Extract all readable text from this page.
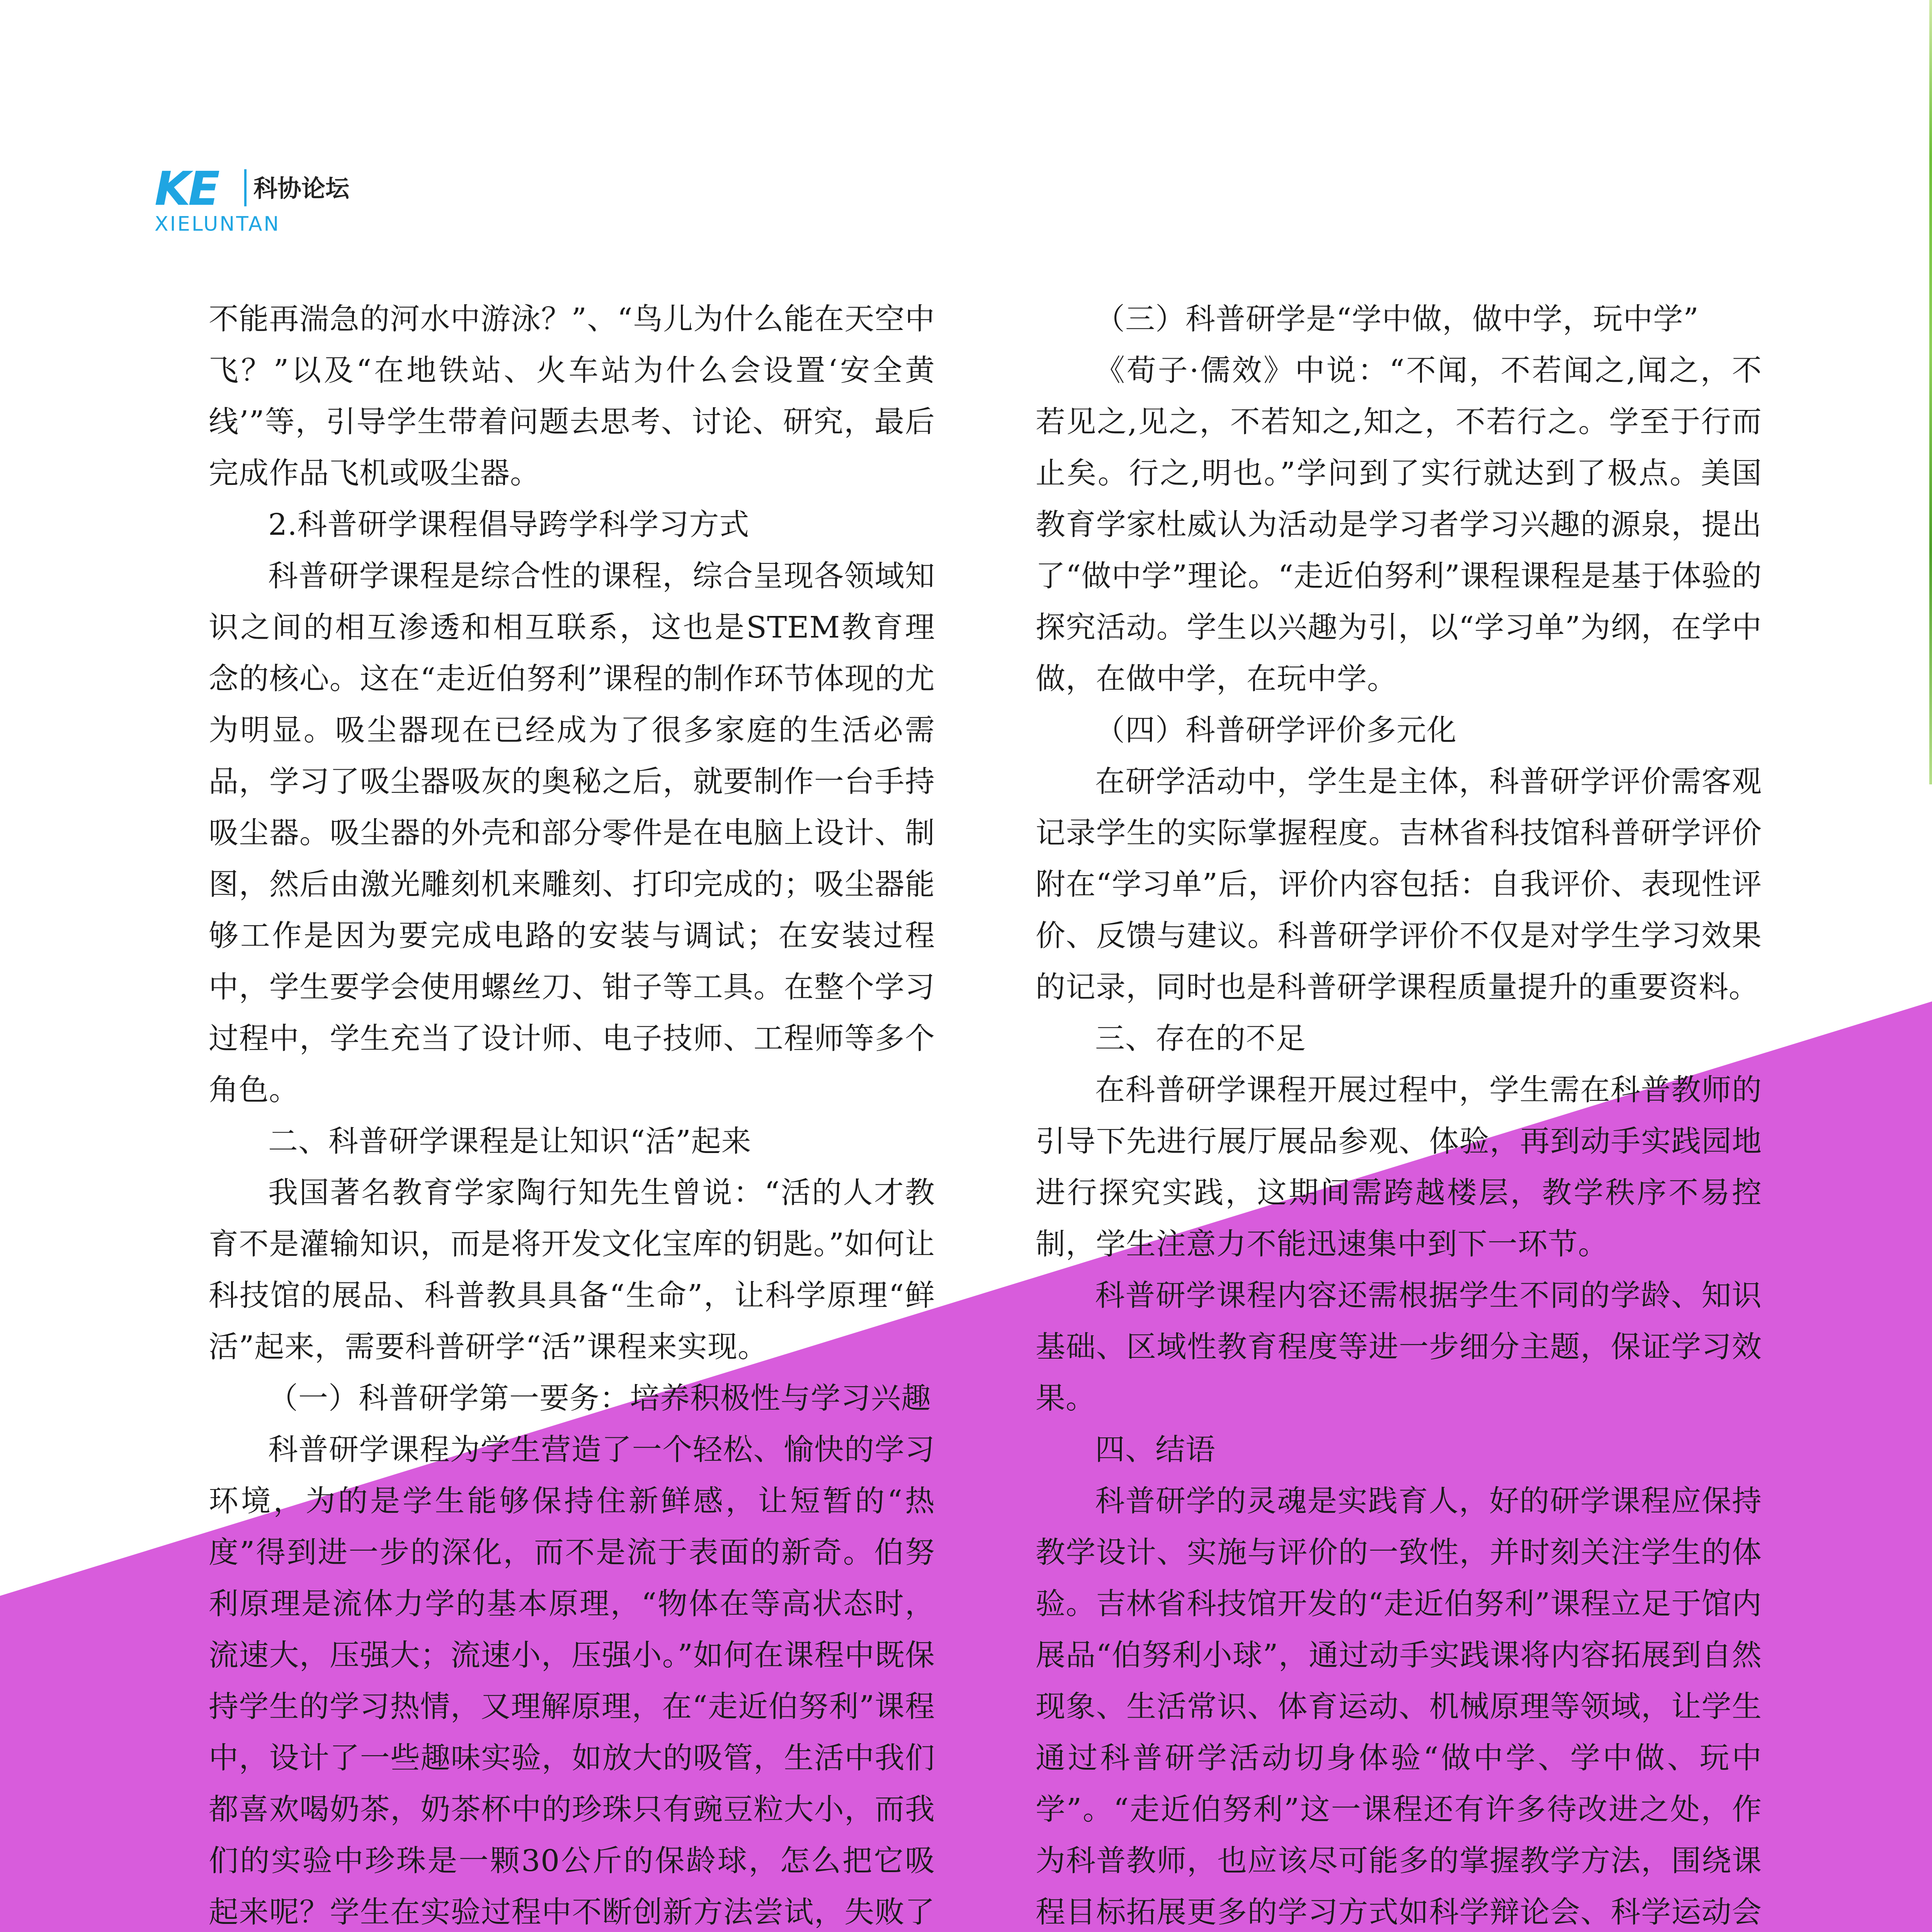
KE 科协论坛
XIELUNTAN

不能再湍急的河水中游泳？”、“鸟儿为什么能在天空中飞？”以及“在地铁站、火车站为什么会设置‘安全黄线’”等，引导学生带着问题去思考、讨论、研究，最后完成作品飞机或吸尘器。

2.科普研学课程倡导跨学科学习方式

科普研学课程是综合性的课程，综合呈现各领域知识之间的相互渗透和相互联系，这也是STEM教育理念的核心。这在“走近伯努利”课程的制作环节体现的尤为明显。吸尘器现在已经成为了很多家庭的生活必需品，学习了吸尘器吸灰的奥秘之后，就要制作一台手持吸尘器。吸尘器的外壳和部分零件是在电脑上设计、制图，然后由激光雕刻机来雕刻、打印完成的；吸尘器能够工作是因为要完成电路的安装与调试；在安装过程中，学生要学会使用螺丝刀、钳子等工具。在整个学习过程中，学生充当了设计师、电子技师、工程师等多个角色。

二、科普研学课程是让知识“活”起来

我国著名教育学家陶行知先生曾说：“活的人才教育不是灌输知识，而是将开发文化宝库的钥匙。”如何让科技馆的展品、科普教具具备“生命”，让科学原理“鲜活”起来，需要科普研学“活”课程来实现。

（一）科普研学第一要务：培养积极性与学习兴趣

科普研学课程为学生营造了一个轻松、愉快的学习环境，为的是学生能够保持住新鲜感，让短暂的“热度”得到进一步的深化，而不是流于表面的新奇。伯努利原理是流体力学的基本原理，“物体在等高状态时，流速大，压强大；流速小，压强小。”如何在课程中既保持学生的学习热情，又理解原理，在“走近伯努利”课程中，设计了一些趣味实验，如放大的吸管，生活中我们都喜欢喝奶茶，奶茶杯中的珍珠只有豌豆粒大小，而我们的实验中珍珠是一颗30公斤的保龄球，怎么把它吸起来呢？学生在实验过程中不断创新方法尝试，失败了

（三）科普研学是“学中做，做中学，玩中学”

《荀子·儒效》中说：“不闻，不若闻之,闻之，不若见之,见之，不若知之,知之，不若行之。学至于行而止矣。行之,明也。”学问到了实行就达到了极点。美国教育学家杜威认为活动是学习者学习兴趣的源泉，提出了“做中学”理论。“走近伯努利”课程课程是基于体验的探究活动。学生以兴趣为引，以“学习单”为纲，在学中做，在做中学，在玩中学。

（四）科普研学评价多元化

在研学活动中，学生是主体，科普研学评价需客观记录学生的实际掌握程度。吉林省科技馆科普研学评价附在“学习单”后，评价内容包括：自我评价、表现性评价、反馈与建议。科普研学评价不仅是对学生学习效果的记录，同时也是科普研学课程质量提升的重要资料。

三、存在的不足

在科普研学课程开展过程中，学生需在科普教师的引导下先进行展厅展品参观、体验，再到动手实践园地进行探究实践，这期间需跨越楼层，教学秩序不易控制，学生注意力不能迅速集中到下一环节。

科普研学课程内容还需根据学生不同的学龄、知识基础、区域性教育程度等进一步细分主题，保证学习效果。

四、结语

科普研学的灵魂是实践育人，好的研学课程应保持教学设计、实施与评价的一致性，并时刻关注学生的体验。吉林省科技馆开发的“走近伯努利”课程立足于馆内展品“伯努利小球”，通过动手实践课将内容拓展到自然现象、生活常识、体育运动、机械原理等领域，让学生通过科普研学活动切身体验“做中学、学中做、玩中学”。“走近伯努利”这一课程还有许多待改进之处，作为科普教师，也应该尽可能多的掌握教学方法，围绕课程目标拓展更多的学习方式如科学辩论会、科学运动会
